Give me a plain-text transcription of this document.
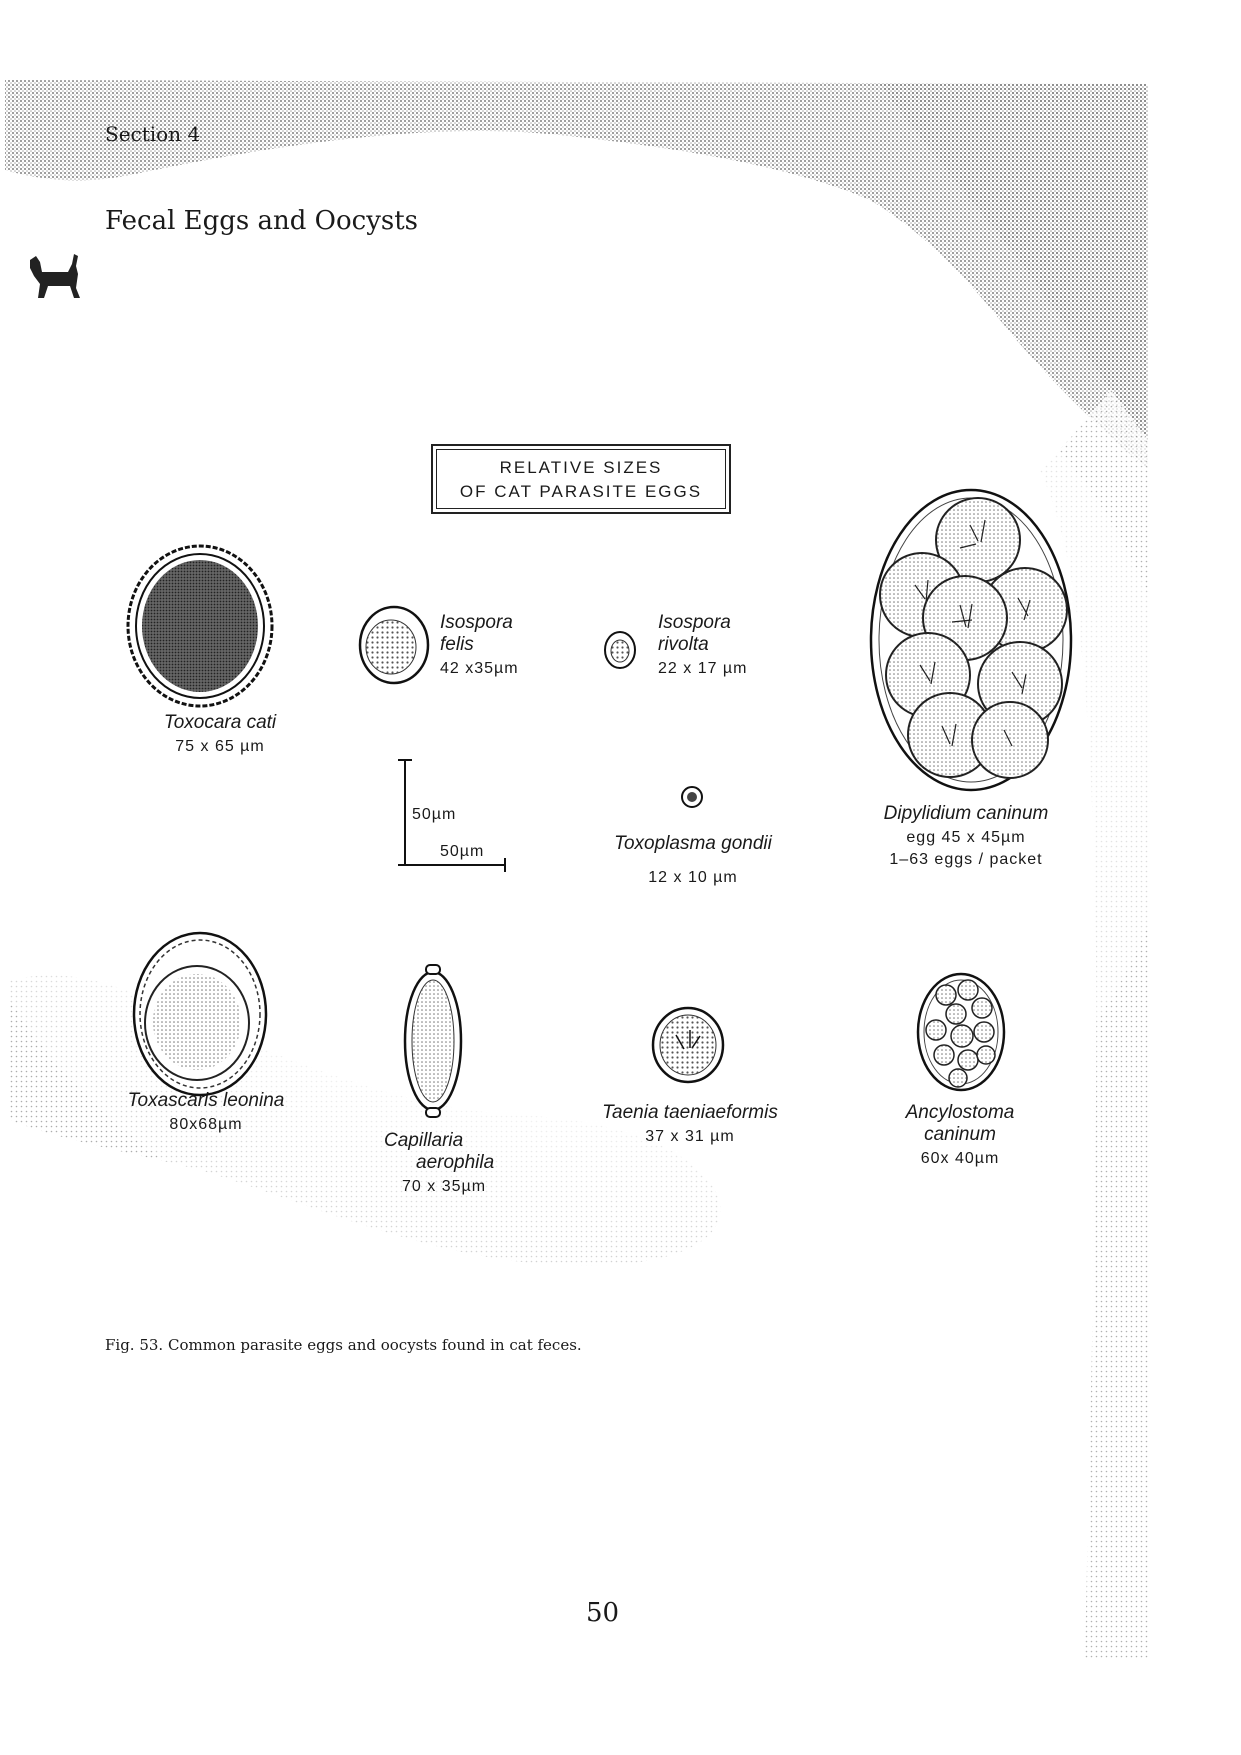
Section 4
Fecal Eggs and Oocysts
RELATIVE SIZES
OF CAT PARASITE EGGS
Toxocara cati
75 x 65 µm
Isospora
felis
42 x35µm
Isospora
rivolta
22 x 17 µm
Dipylidium caninum
egg 45 x 45µm
1–63 eggs / packet
Toxoplasma gondii
12 x 10 µm
Toxascaris leonina
80x68µm
Capillaria
aerophila
70 x 35µm
Taenia taeniaeformis
37 x 31 µm
Ancylostoma
caninum
60x 40µm
50µm
50µm
Fig. 53. Common parasite eggs and oocysts found in cat feces.
50
